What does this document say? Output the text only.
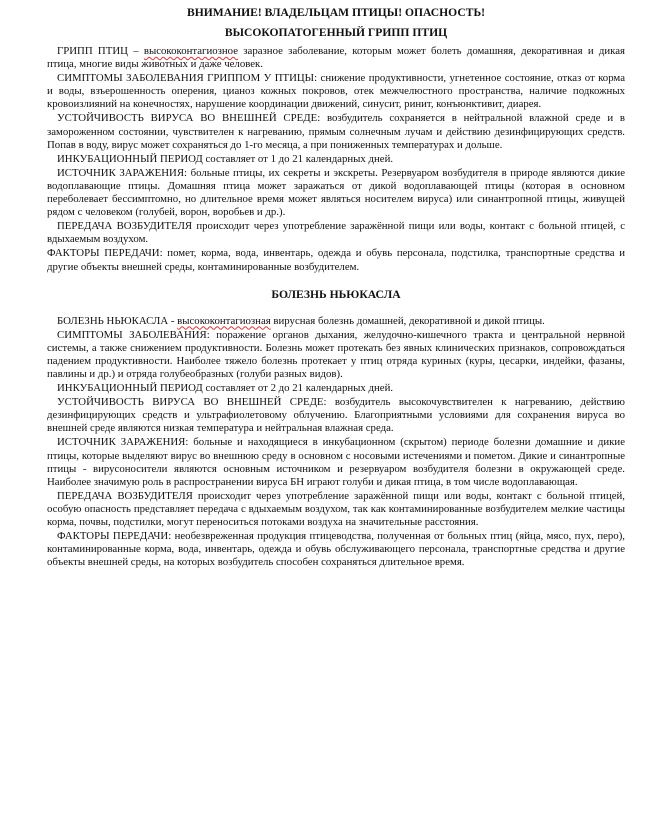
ВНИМАНИЕ! ВЛАДЕЛЬЦАМ ПТИЦЫ! ОПАСНОСТЬ!
ВЫСОКОПАТОГЕННЫЙ ГРИПП ПТИЦ

ГРИПП ПТИЦ – высококонтагиозное заразное заболевание, которым может болеть домашняя, декоративная и дикая птица, многие виды животных и даже человек.

СИМПТОМЫ ЗАБОЛЕВАНИЯ ГРИППОМ У ПТИЦЫ: снижение продуктивности, угнетенное состояние, отказ от корма и воды, взъерошенность оперения, цианоз кожных покровов, отек межчелюстного пространства, наличие подкожных кровоизлияний на конечностях, нарушение координации движений, синусит, ринит, конъюнктивит, диарея.

УСТОЙЧИВОСТЬ ВИРУСА ВО ВНЕШНЕЙ СРЕДЕ: возбудитель сохраняется в нейтральной влажной среде и в замороженном состоянии, чувствителен к нагреванию, прямым солнечным лучам и действию дезинфицирующих средств. Попав в воду, вирус может сохраняться до 1-го месяца, а при пониженных температурах и дольше.

ИНКУБАЦИОННЫЙ ПЕРИОД составляет от 1 до 21 календарных дней.

ИСТОЧНИК ЗАРАЖЕНИЯ: больные птицы, их секреты и экскреты. Резервуаром возбудителя в природе являются дикие водоплавающие птицы. Домашняя птица может заражаться от дикой водоплавающей птицы (которая в основном переболевает бессимптомно, но длительное время может являться носителем вируса) или синантропной птицы, живущей рядом с человеком (голубей, ворон, воробьев и др.).

ПЕРЕДАЧА ВОЗБУДИТЕЛЯ происходит через употребление заражённой пищи или воды, контакт с больной птицей, с вдыхаемым воздухом.

ФАКТОРЫ ПЕРЕДАЧИ: помет, корма, вода, инвентарь, одежда и обувь персонала, подстилка, транспортные средства и другие объекты внешней среды, контаминированные возбудителем.

БОЛЕЗНЬ НЬЮКАСЛА

БОЛЕЗНЬ НЬЮКАСЛА - высококонтагиозная вирусная болезнь домашней, декоративной и дикой птицы.

СИМПТОМЫ ЗАБОЛЕВАНИЯ: поражение органов дыхания, желудочно-кишечного тракта и центральной нервной системы, а также снижением продуктивности. Болезнь может протекать без явных клинических признаков, сопровождаться падением продуктивности. Наиболее тяжело болезнь протекает у птиц отряда куриных (куры, цесарки, индейки, фазаны, павлины и др.) и отряда голубеобразных (голуби разных видов).

ИНКУБАЦИОННЫЙ ПЕРИОД составляет от 2 до 21 календарных дней.

УСТОЙЧИВОСТЬ ВИРУСА ВО ВНЕШНЕЙ СРЕДЕ: возбудитель высокочувствителен к нагреванию, действию дезинфицирующих средств и ультрафиолетовому облучению. Благоприятными условиями для сохранения вируса во внешней среде являются низкая температура и нейтральная влажная среда.

ИСТОЧНИК ЗАРАЖЕНИЯ: больные и находящиеся в инкубационном (скрытом) периоде болезни домашние и дикие птицы, которые выделяют вирус во внешнюю среду в основном с носовыми истечениями и пометом. Дикие и синантропные птицы - вирусоносители являются основным источником и резервуаром возбудителя болезни в окружающей среде. Наиболее значимую роль в распространении вируса БН играют голуби и дикая птица, в том числе водоплавающая.

ПЕРЕДАЧА ВОЗБУДИТЕЛЯ происходит через употребление заражённой пищи или воды, контакт с больной птицей, особую опасность представляет передача с вдыхаемым воздухом, так как контаминированные возбудителем мелкие частицы корма, почвы, подстилки, могут переноситься потоками воздуха на значительные расстояния.

ФАКТОРЫ ПЕРЕДАЧИ: необезвреженная продукция птицеводства, полученная от больных птиц (яйца, мясо, пух, перо), контаминированные корма, вода, инвентарь, одежда и обувь обслуживающего персонала, транспортные средства и другие объекты внешней среды, на которых возбудитель способен сохраняться длительное время.
